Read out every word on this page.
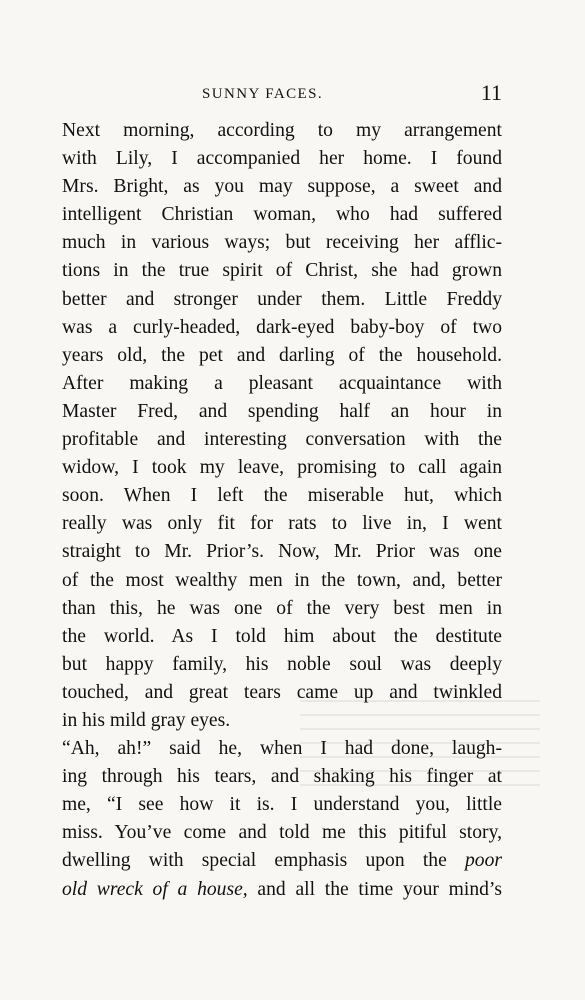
SUNNY FACES.	11
Next morning, according to my arrangement
with Lily, I accompanied her home. I found
Mrs. Bright, as you may suppose, a sweet and
intelligent Christian woman, who had suffered
much in various ways; but receiving her afflic-
tions in the true spirit of Christ, she had grown
better and stronger under them. Little Freddy
was a curly-headed, dark-eyed baby-boy of two
years old, the pet and darling of the household.
After making a pleasant acquaintance with
Master Fred, and spending half an hour in
profitable and interesting conversation with the
widow, I took my leave, promising to call again
soon. When I left the miserable hut, which
really was only fit for rats to live in, I went
straight to Mr. Prior’s. Now, Mr. Prior was one
of the most wealthy men in the town, and, better
than this, he was one of the very best men in
the world. As I told him about the destitute
but happy family, his noble soul was deeply
touched, and great tears came up and twinkled
in his mild gray eyes.
“Ah, ah!” said he, when I had done, laugh-
ing through his tears, and shaking his finger at
me, “I see how it is. I understand you, little
miss. You’ve come and told me this pitiful story,
dwelling with special emphasis upon the poor
old wreck of a house, and all the time your mind’s
